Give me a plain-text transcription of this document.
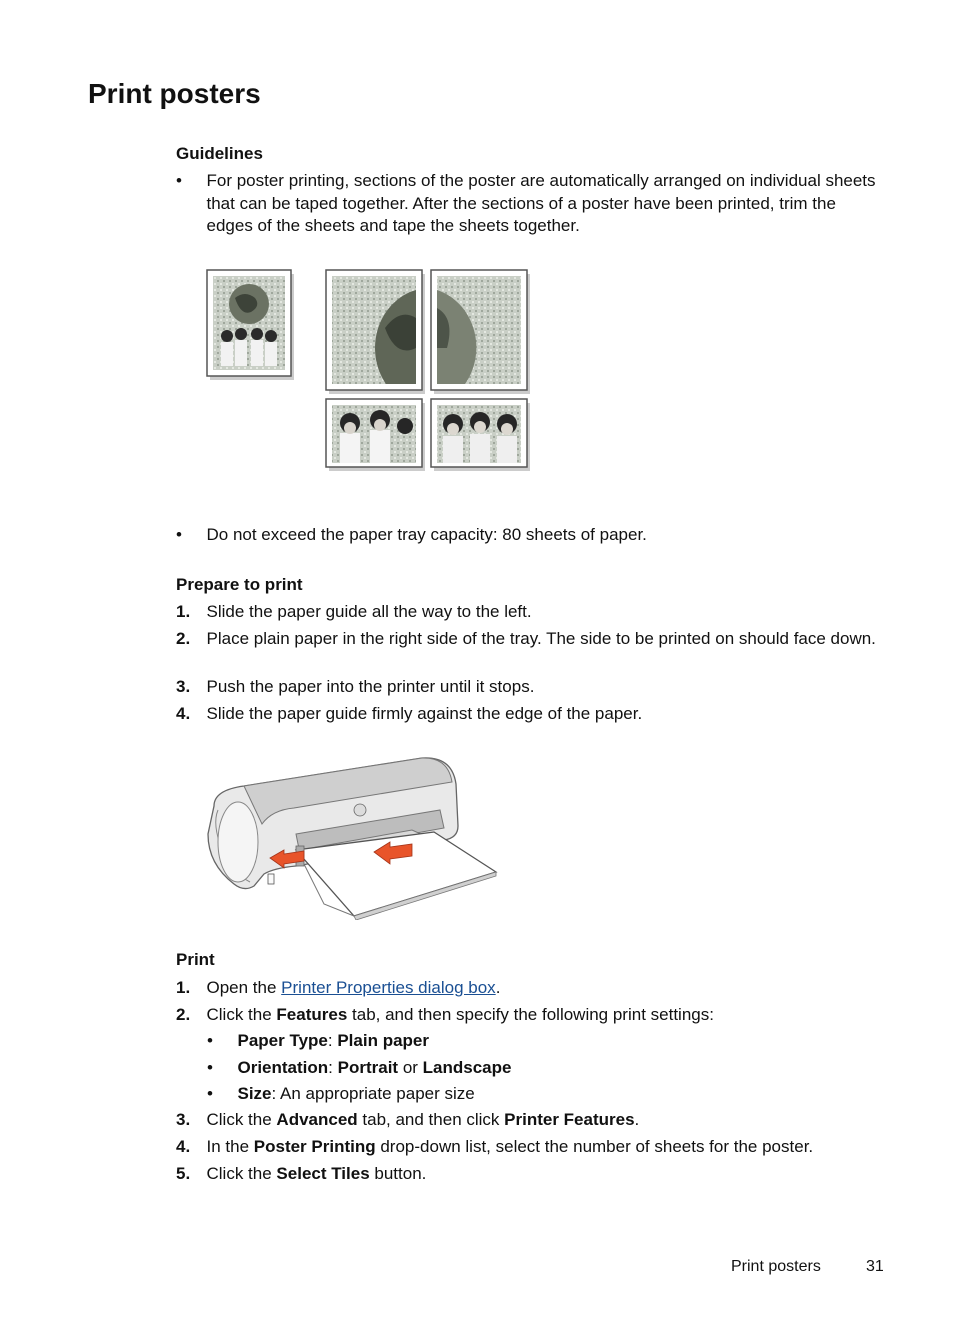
Print posters
Guidelines
•	For poster printing, sections of the poster are automatically arranged on individual sheets that can be taped together. After the sections of a poster have been printed, trim the edges of the sheets and tape the sheets together.
•	Do not exceed the paper tray capacity: 80 sheets of paper.
Prepare to print
1. Slide the paper guide all the way to the left.
2. Place plain paper in the right side of the tray. The side to be printed on should face down.
3. Push the paper into the printer until it stops.
4. Slide the paper guide firmly against the edge of the paper.
Print
1. Open the Printer Properties dialog box.
2. Click the Features tab, and then specify the following print settings:
•	Paper Type: Plain paper
•	Orientation: Portrait or Landscape
•	Size: An appropriate paper size
3. Click the Advanced tab, and then click Printer Features.
4. In the Poster Printing drop-down list, select the number of sheets for the poster.
5. Click the Select Tiles button.
Print posters	31
